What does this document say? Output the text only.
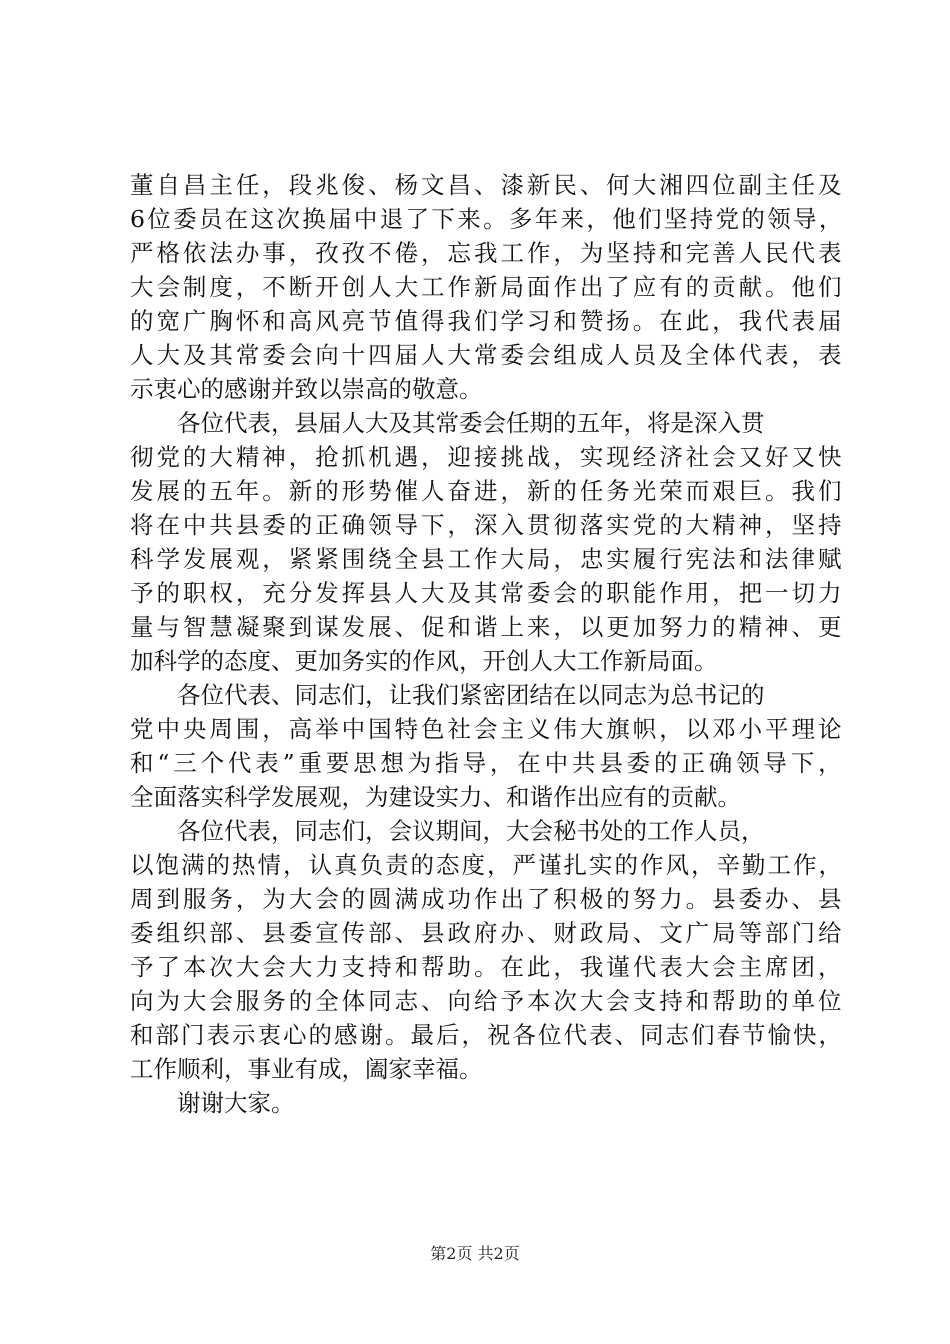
董自昌主任，段兆俊、杨文昌、漆新民、何大湘四位副主任及
6位委员在这次换届中退了下来。多年来，他们坚持党的领导，
严格依法办事，孜孜不倦，忘我工作，为坚持和完善人民代表
大会制度，不断开创人大工作新局面作出了应有的贡献。他们
的宽广胸怀和高风亮节值得我们学习和赞扬。在此，我代表届
人大及其常委会向十四届人大常委会组成人员及全体代表，表
示衷心的感谢并致以崇高的敬意。
各位代表，县届人大及其常委会任期的五年，将是深入贯
彻党的大精神，抢抓机遇，迎接挑战，实现经济社会又好又快
发展的五年。新的形势催人奋进，新的任务光荣而艰巨。我们
将在中共县委的正确领导下，深入贯彻落实党的大精神，坚持
科学发展观，紧紧围绕全县工作大局，忠实履行宪法和法律赋
予的职权，充分发挥县人大及其常委会的职能作用，把一切力
量与智慧凝聚到谋发展、促和谐上来，以更加努力的精神、更
加科学的态度、更加务实的作风，开创人大工作新局面。
各位代表、同志们，让我们紧密团结在以同志为总书记的
党中央周围，高举中国特色社会主义伟大旗帜，以邓小平理论
和“三个代表”重要思想为指导，在中共县委的正确领导下，
全面落实科学发展观，为建设实力、和谐作出应有的贡献。
各位代表，同志们，会议期间，大会秘书处的工作人员，
以饱满的热情，认真负责的态度，严谨扎实的作风，辛勤工作，
周到服务，为大会的圆满成功作出了积极的努力。县委办、县
委组织部、县委宣传部、县政府办、财政局、文广局等部门给
予了本次大会大力支持和帮助。在此，我谨代表大会主席团，
向为大会服务的全体同志、向给予本次大会支持和帮助的单位
和部门表示衷心的感谢。最后，祝各位代表、同志们春节愉快，
工作顺利，事业有成，阖家幸福。
谢谢大家。
第2页 共2页
